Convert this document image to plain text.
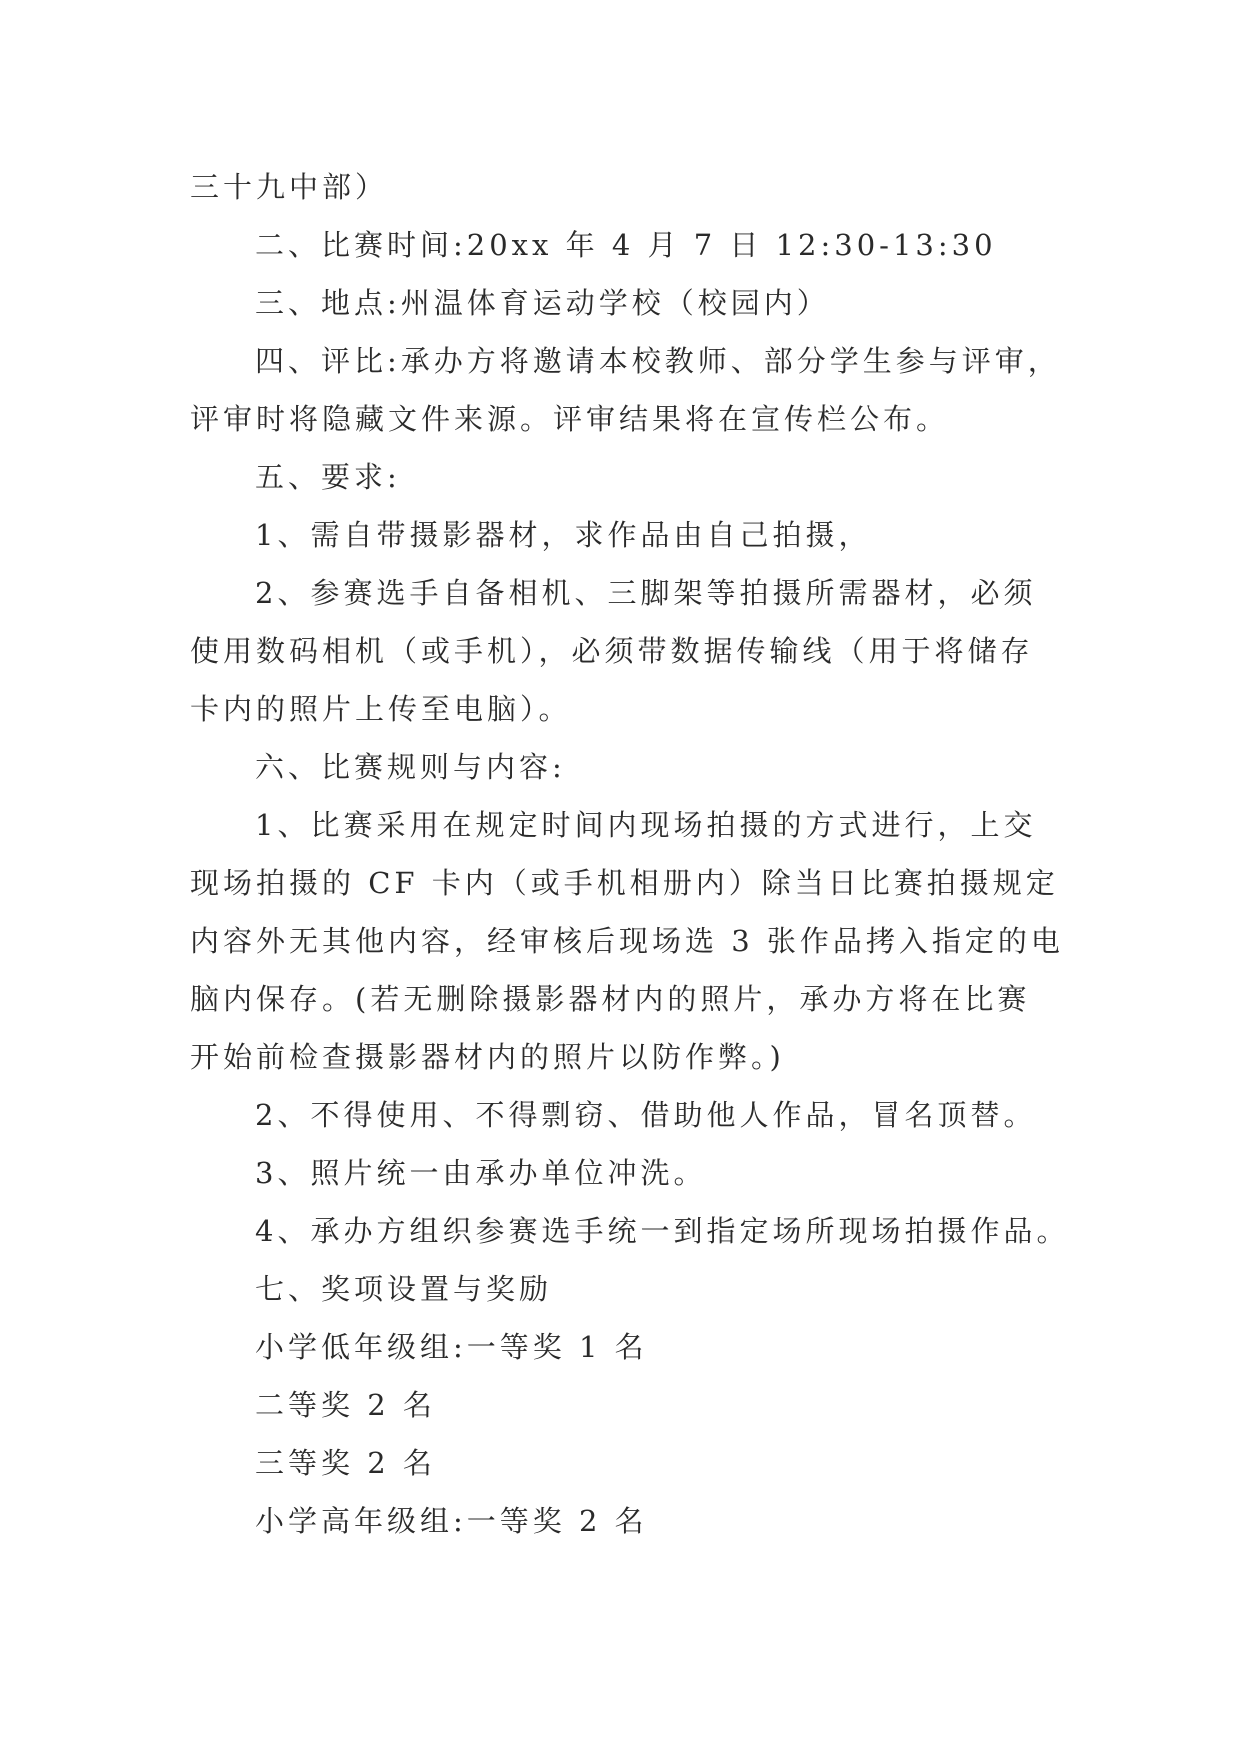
三十九中部）
二、比赛时间:20xx 年 4 月 7 日 12:30-13:30
三、地点:州温体育运动学校（校园内）
四、评比:承办方将邀请本校教师、部分学生参与评审，
评审时将隐藏文件来源。评审结果将在宣传栏公布。
五、要求:
1、需自带摄影器材，求作品由自己拍摄，
2、参赛选手自备相机、三脚架等拍摄所需器材，必须
使用数码相机（或手机），必须带数据传输线（用于将储存
卡内的照片上传至电脑）。
六、比赛规则与内容:
1、比赛采用在规定时间内现场拍摄的方式进行，上交
现场拍摄的 CF 卡内（或手机相册内）除当日比赛拍摄规定
内容外无其他内容，经审核后现场选 3 张作品拷入指定的电
脑内保存。(若无删除摄影器材内的照片，承办方将在比赛
开始前检查摄影器材内的照片以防作弊。)
2、不得使用、不得剽窃、借助他人作品，冒名顶替。
3、照片统一由承办单位冲洗。
4、承办方组织参赛选手统一到指定场所现场拍摄作品。
七、奖项设置与奖励
小学低年级组:一等奖 1 名
二等奖 2 名
三等奖 2 名
小学高年级组:一等奖 2 名
